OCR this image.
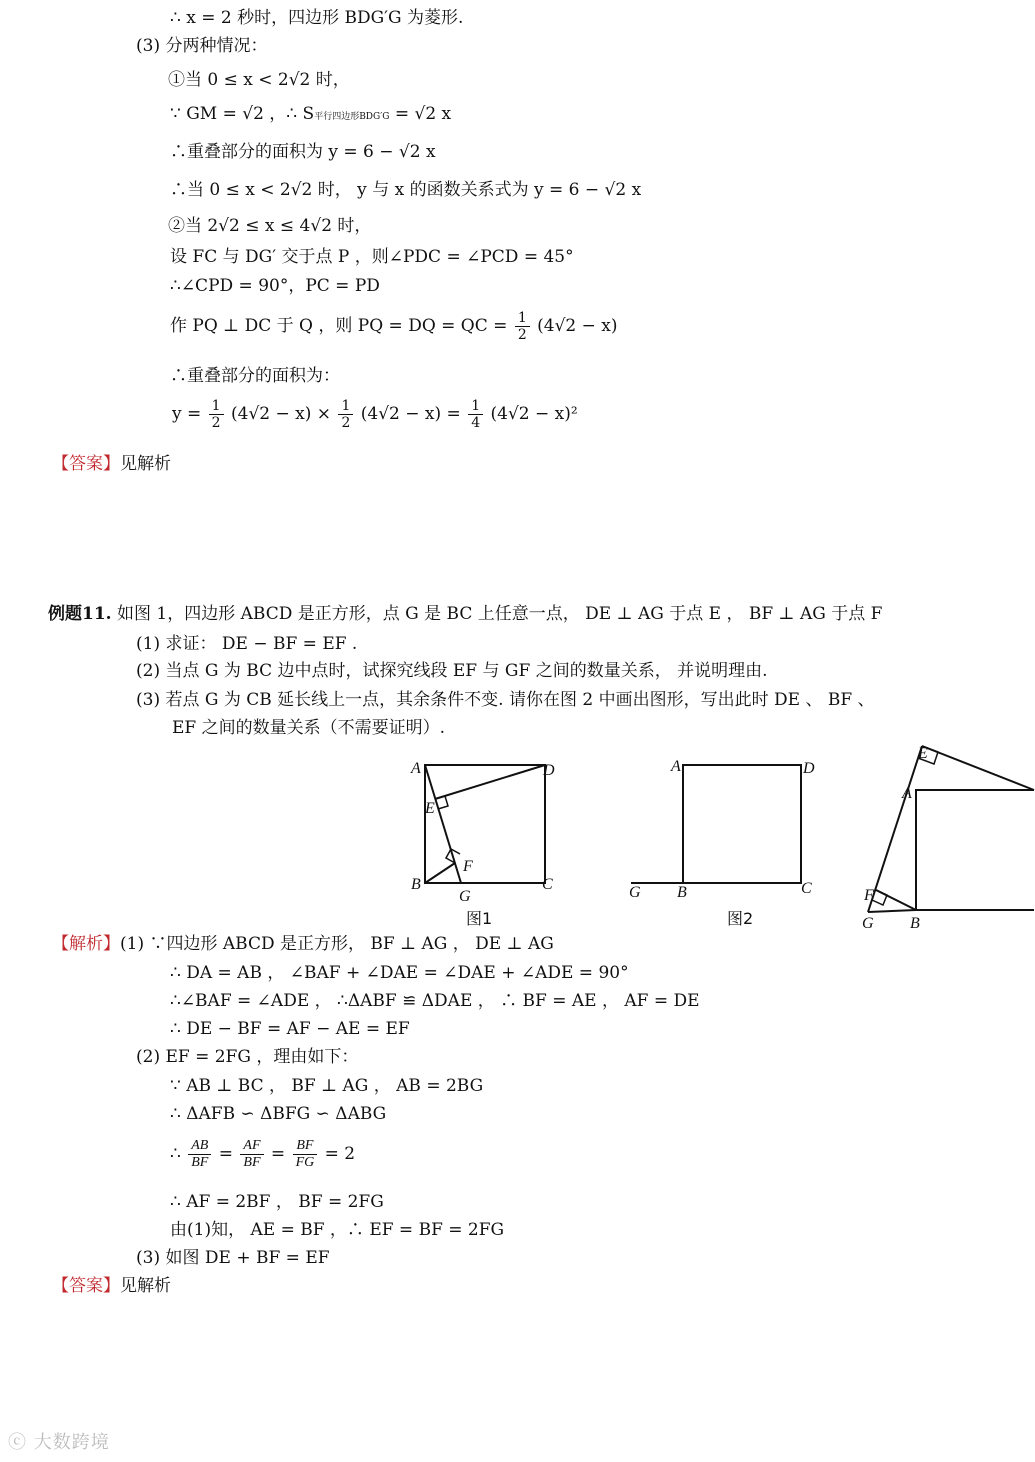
∴ x = 2 秒时，四边形 BDG′G 为菱形.
(3) 分两种情况：
①当 0 ≤ x < 2√2 时，
∵ GM = √2 ，∴ S平行四边形BDG′G = √2 x
∴重叠部分的面积为 y = 6 − √2 x
∴当 0 ≤ x < 2√2 时， y 与 x 的函数关系式为 y = 6 − √2 x
②当 2√2 ≤ x ≤ 4√2 时，
设 FC 与 DG′ 交于点 P ，则∠PDC = ∠PCD = 45°
∴∠CPD = 90°，PC = PD
作 PQ ⊥ DC 于 Q ，则 PQ = DQ = QC = $\frac{1}{2} (4√2 - x)$
∴重叠部分的面积为：
$y = \frac{1}{2} (4√2 - x) \times \frac{1}{2} (4√2 - x) = \frac{1}{4} (4√2 - x)^2$
【答案】见解析
例题11. 如图 1，四边形 ABCD 是正方形，点 G 是 BC 上任意一点， DE ⊥ AG 于点 E ， BF ⊥ AG 于点 F
(1) 求证： DE − BF = EF .
(2) 当点 G 为 BC 边中点时，试探究线段 EF 与 GF 之间的数量关系， 并说明理由.
(3) 若点 G 为 CB 延长线上一点，其余条件不变. 请你在图 2 中画出图形，写出此时 DE 、 BF 、
EF 之间的数量关系（不需要证明）.
A	D
E
F
B
G
C
图1
A	D
G B	C
图2
E
A
F
G B
【解析】(1) ∵四边形 ABCD 是正方形， BF ⊥ AG ， DE ⊥ AG
∴ DA = AB ， ∠BAF + ∠DAE = ∠DAE + ∠ADE = 90°
∴∠BAF = ∠ADE ， ∴ΔABF ≌ ΔDAE ， ∴ BF = AE ， AF = DE
∴ DE − BF = AF − AE = EF
(2) EF = 2FG ，理由如下：
∵ AB ⊥ BC ， BF ⊥ AG ， AB = 2BG
∴ ΔAFB ∽ ΔBFG ∽ ΔABG
∴ $\frac{AB}{BF} = \frac{AF}{BF} = \frac{BF}{FG} = 2$
∴ AF = 2BF ， BF = 2FG
由(1)知， AE = BF ，∴ EF = BF = 2FG
(3) 如图 DE + BF = EF
【答案】见解析
ⓒ 大数跨境
